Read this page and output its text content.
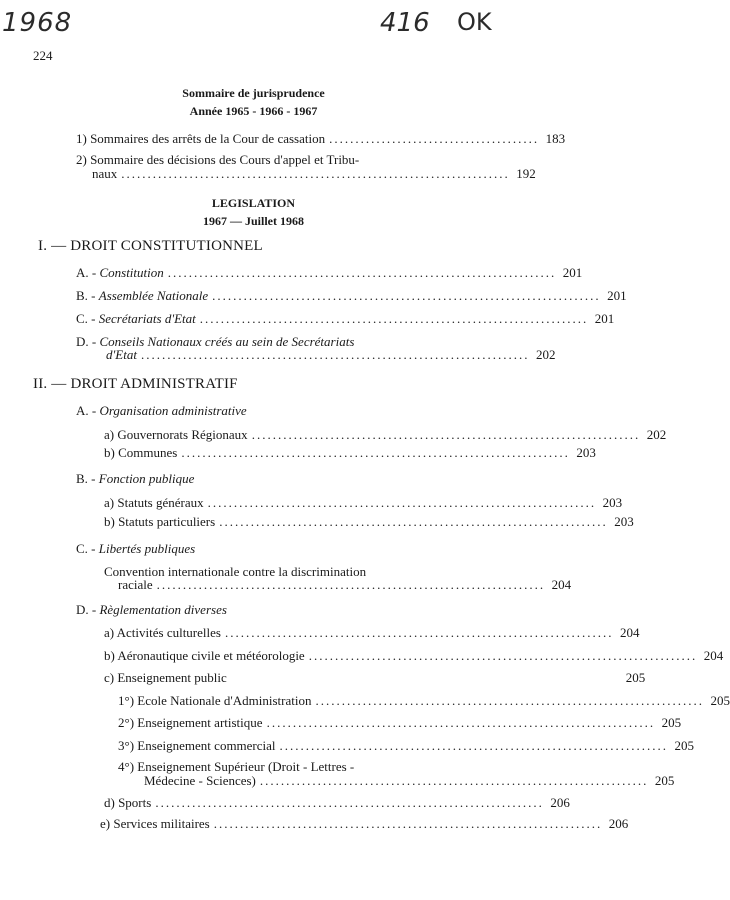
1968	416 OK
224
Sommaire de jurisprudence
Année 1965 - 1966 - 1967
1) Sommaires des arrêts de la Cour de cassation ........................................ 183
2) Sommaire des décisions des Cours d'appel et Tribu-
naux .......................................................................... 192
LEGISLATION
1967 — Juillet 1968
I. — DROIT CONSTITUTIONNEL
A. - Constitution .......................................................................... 201
B. - Assemblée Nationale .......................................................................... 201
C. - Secrétariats d'Etat .......................................................................... 201
D. - Conseils Nationaux créés au sein de Secrétariats
d'Etat .......................................................................... 202
II. — DROIT ADMINISTRATIF
A. - Organisation administrative
a) Gouvernorats Régionaux .......................................................................... 202
b) Communes .......................................................................... 203
B. - Fonction publique
a) Statuts généraux .......................................................................... 203
b) Statuts particuliers .......................................................................... 203
C. - Libertés publiques
Convention internationale contre la discrimination
raciale .......................................................................... 204
D. - Règlementation diverses
a) Activités culturelles .......................................................................... 204
b) Aéronautique civile et météorologie .......................................................................... 204
c) Enseignement public	205
1°) Ecole Nationale d'Administration .......................................................................... 205
2°) Enseignement artistique .......................................................................... 205
3°) Enseignement commercial .......................................................................... 205
4°) Enseignement Supérieur (Droit - Lettres -
Médecine - Sciences) .......................................................................... 205
d) Sports .......................................................................... 206
e) Services militaires .......................................................................... 206
